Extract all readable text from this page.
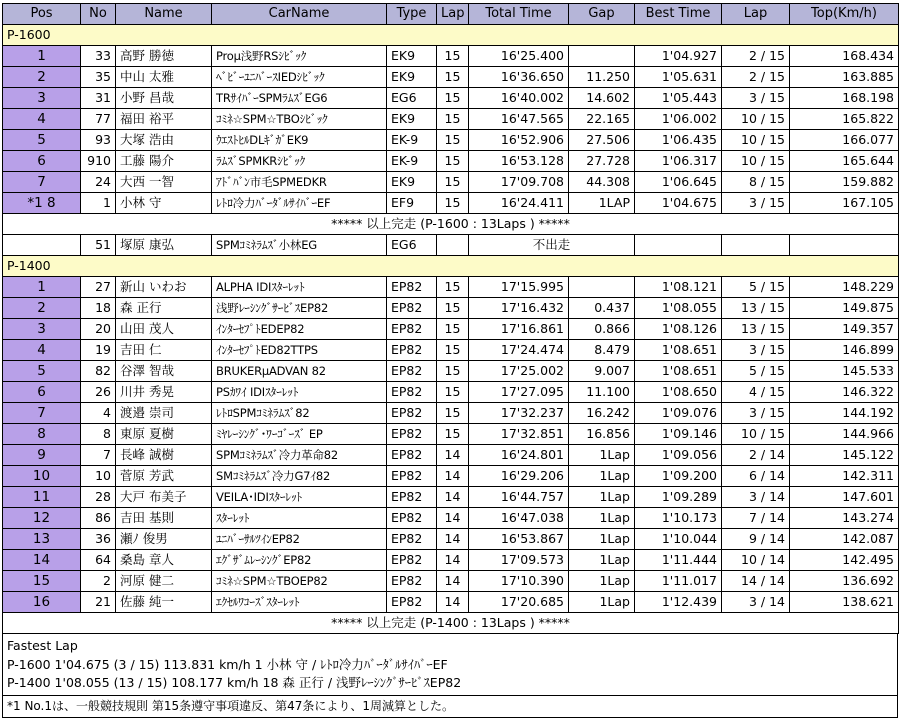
Pos	No	Name	CarName	Type	Lap	Total Time	Gap	Best Time	Lap	Top(Km/h)
P-1600										
1	33	高野 勝徳	Proμ浅野RSｼﾋﾞｯｸ	EK9	15	16'25.400		1'04.927	2 / 15	168.434
2	35	中山 太雅	ﾍﾞﾋﾞｰﾕﾆﾊﾞｰｽIEDｼﾋﾞｯｸ	EK9	15	16'36.650	11.250	1'05.631	2 / 15	163.885
3	31	小野 昌哉	TRｻｲﾊﾞｰSPMﾗﾑｽﾞEG6	EG6	15	16'40.002	14.602	1'05.443	3 / 15	168.198
4	77	福田 裕平	ｺﾐﾈ☆SPM☆TBOｼﾋﾞｯｸ	EK9	15	16'47.565	22.165	1'06.002	10 / 15	165.822
5	93	大塚 浩由	ｳｴｽﾄﾋﾙDLｷﾞｶﾞEK9	EK-9	15	16'52.906	27.506	1'06.435	10 / 15	166.077
6	910	工藤 陽介	ﾗﾑｽﾞSPMKRｼﾋﾞｯｸ	EK-9	15	16'53.128	27.728	1'06.317	10 / 15	165.644
7	24	大西 一智	ｱﾄﾞﾊﾞﾝ市毛SPMEDKR	EK9	15	17'09.708	44.308	1'06.645	8 / 15	159.882
*1 8	1	小林 守	ﾚﾄﾛ冷力ﾊﾞｰﾀﾞﾙｻｲﾊﾞｰEF	EF9	15	16'24.411	1LAP	1'04.675	3 / 15	167.105
***** 以上完走 (P-1600 : 13Laps ) *****										
	51	塚原 康弘	SPMｺﾐﾈﾗﾑｽﾞ小林EG	EG6		不出走				
P-1400										
1	27	新山 いわお	ALPHA IDIｽﾀｰﾚｯﾄ	EP82	15	17'15.995		1'08.121	5 / 15	148.229
2	18	森 正行	浅野ﾚｰｼﾝｸﾞｻｰﾋﾞｽEP82	EP82	15	17'16.432	0.437	1'08.055	13 / 15	149.875
3	20	山田 茂人	ｲﾝﾀｰｾﾌﾟﾄEDEP82	EP82	15	17'16.861	0.866	1'08.126	13 / 15	149.357
4	19	吉田 仁	ｲﾝﾀｰｾﾌﾟﾄED82TTPS	EP82	15	17'24.474	8.479	1'08.651	3 / 15	146.899
5	82	谷澤 智哉	BRUKERμADVAN 82	EP82	15	17'25.002	9.007	1'08.651	5 / 15	145.533
6	26	川井 秀晃	PSｶﾜｲ IDIｽﾀｰﾚｯﾄ	EP82	15	17'27.095	11.100	1'08.650	4 / 15	146.322
7	4	渡邉 崇司	ﾚﾄﾛSPMｺﾐﾈﾗﾑｽﾞ82	EP82	15	17'32.237	16.242	1'09.076	3 / 15	144.192
8	8	東原 夏樹	ﾐﾔﾚｰｼﾝｸﾞ･ﾜｰｺﾞｰｽﾞ EP	EP82	15	17'32.851	16.856	1'09.146	10 / 15	144.966
9	7	長峰 誠樹	SPMｺﾐﾈﾗﾑｽﾞ冷力革命82	EP82	14	16'24.801	1Lap	1'09.056	2 / 14	145.122
10	10	菅原 芳武	SMｺﾐﾈﾗﾑｽﾞ冷力G7ｲ82	EP82	14	16'29.206	1Lap	1'09.200	6 / 14	142.311
11	28	大戸 布美子	VEILA･IDIｽﾀｰﾚｯﾄ	EP82	14	16'44.757	1Lap	1'09.289	3 / 14	147.601
12	86	吉田 基則	ｽﾀｰﾚｯﾄ	EP82	14	16'47.038	1Lap	1'10.173	7 / 14	143.274
13	36	瀬ﾉ 俊男	ﾕﾆﾊﾞｰｻﾙﾂｲﾝEP82	EP82	14	16'53.867	1Lap	1'10.044	9 / 14	142.087
14	64	桑島 章人	ｴｸﾞｻﾞﾑﾚｰｼﾝｸﾞEP82	EP82	14	17'09.573	1Lap	1'11.444	10 / 14	142.495
15	2	河原 健二	ｺﾐﾈ☆SPM☆TBOEP82	EP82	14	17'10.390	1Lap	1'11.017	14 / 14	136.692
16	21	佐藤 純一	ｴｸｾﾙﾜｺｰｽﾞｽﾀｰﾚｯﾄ	EP82	14	17'20.685	1Lap	1'12.439	3 / 14	138.621
***** 以上完走 (P-1400 : 13Laps ) *****										
Fastest Lap
P-1600 1'04.675 (3 / 15) 113.831 km/h 1 小林 守 / ﾚﾄﾛ冷力ﾊﾞｰﾀﾞﾙｻｲﾊﾞｰEF
P-1400 1'08.055 (13 / 15) 108.177 km/h 18 森 正行 / 浅野ﾚｰｼﾝｸﾞｻｰﾋﾞｽEP82
*1 No.1は、一般競技規則 第15条遵守事項違反、第47条により、1周減算とした。
